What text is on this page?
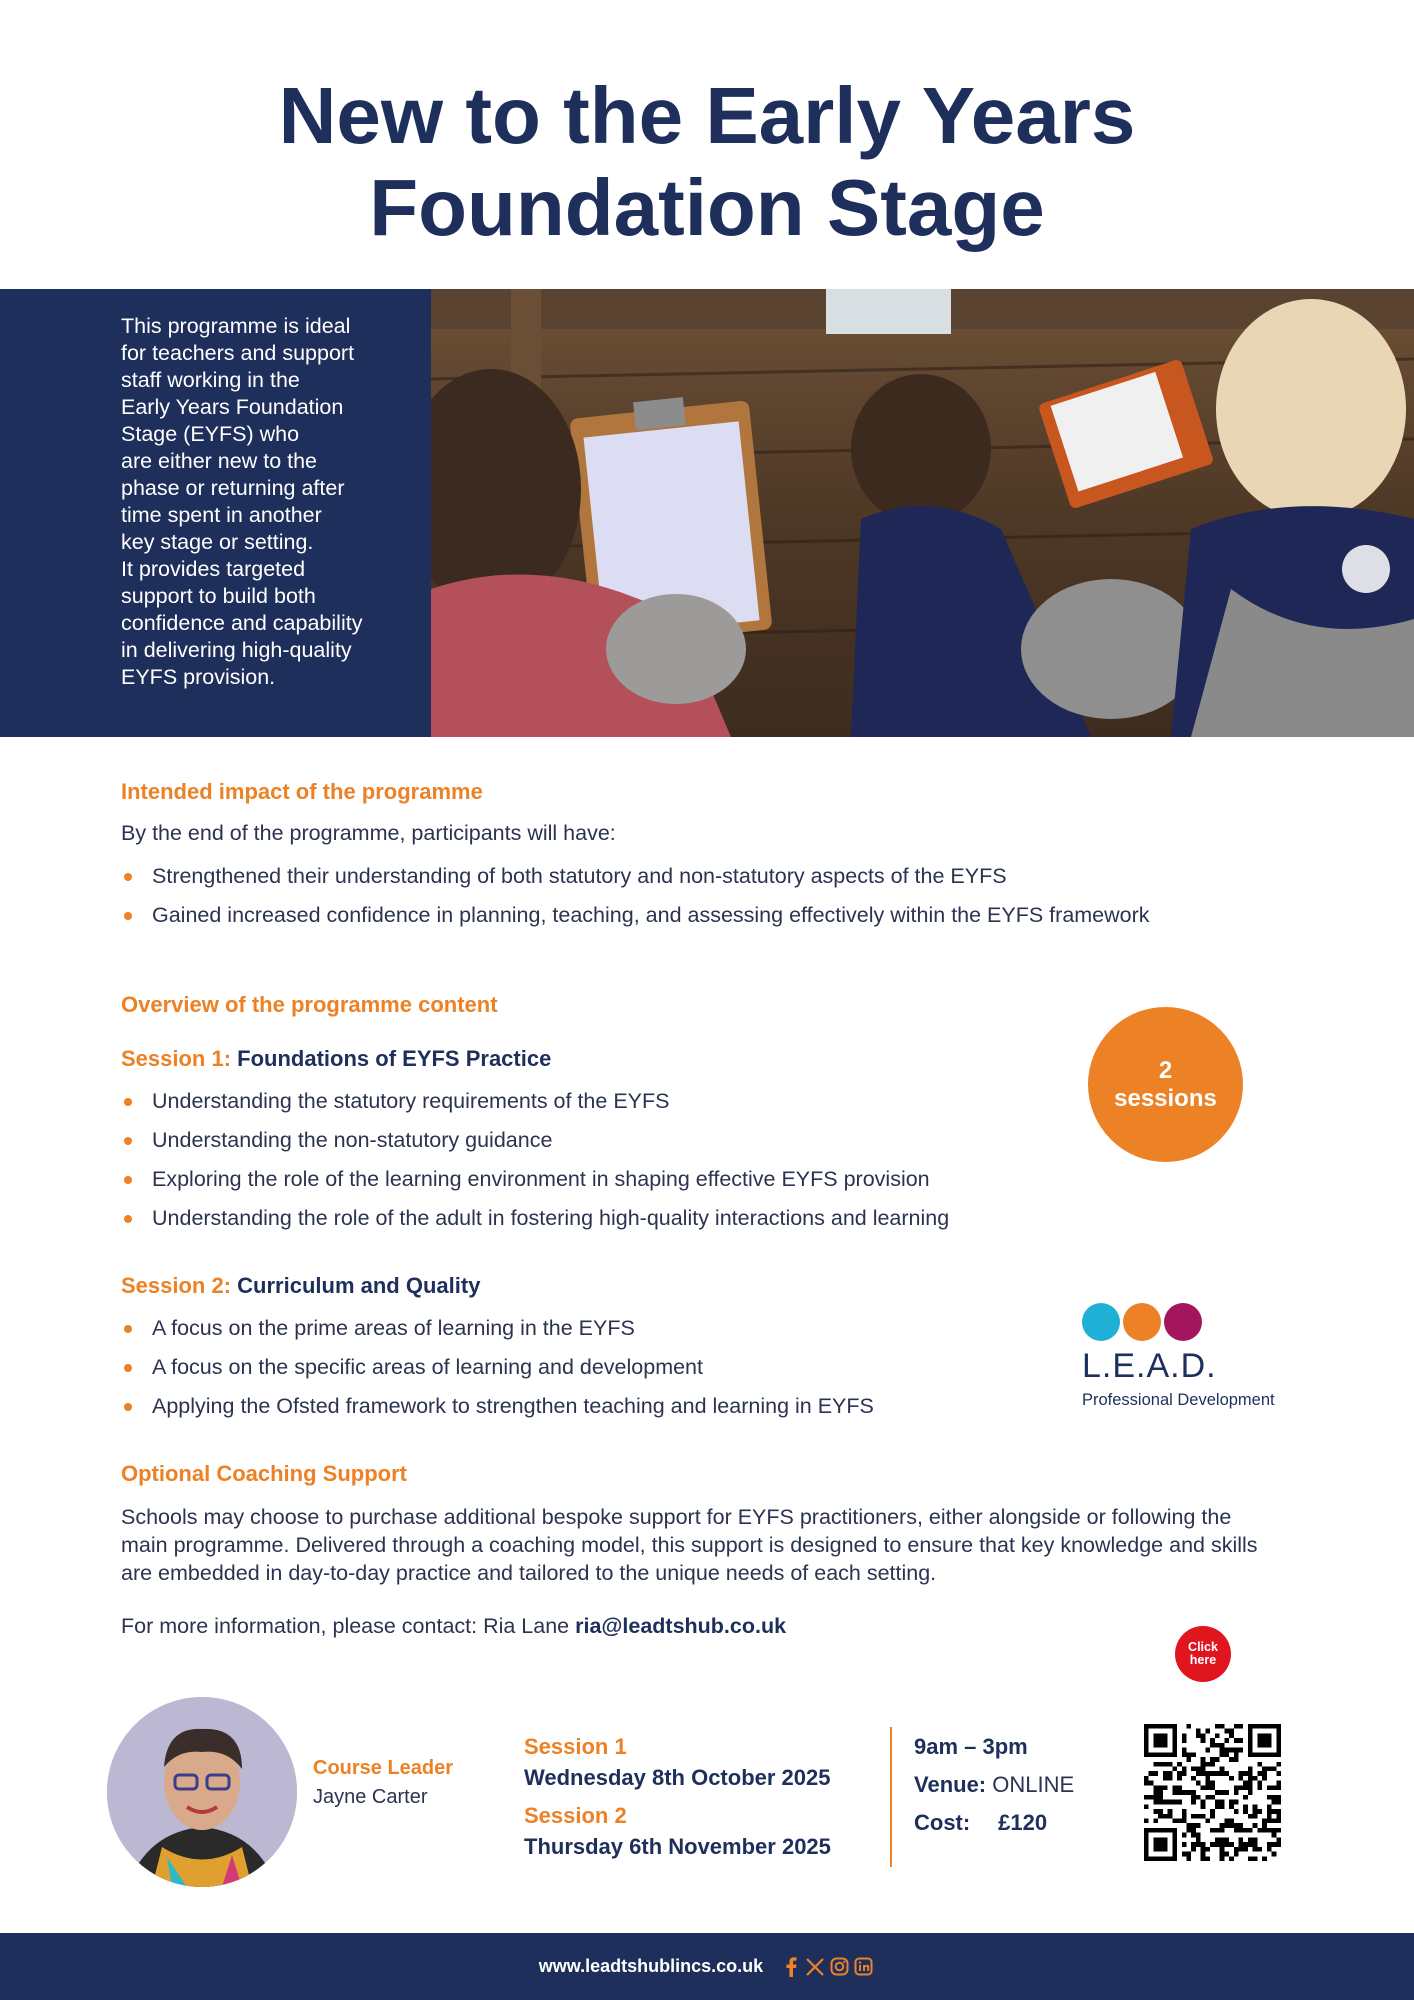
New to the Early Years
Foundation Stage

This programme is ideal
for teachers and support
staff working in the
Early Years Foundation
Stage (EYFS) who
are either new to the
phase or returning after
time spent in another
key stage or setting.
It provides targeted
support to build both
confidence and capability
in delivering high-quality
EYFS provision.

Intended impact of the programme

By the end of the programme, participants will have:

Strengthened their understanding of both statutory and non-statutory aspects of the EYFS
Gained increased confidence in planning, teaching, and assessing effectively within the EYFS framework
Overview of the programme content

Session 1: Foundations of EYFS Practice

Understanding the statutory requirements of the EYFS
Understanding the non-statutory guidance
Exploring the role of the learning environment in shaping effective EYFS provision
Understanding the role of the adult in fostering high-quality interactions and learning

Session 2: Curriculum and Quality

A focus on the prime areas of learning in the EYFS
A focus on the specific areas of learning and development
Applying the Ofsted framework to strengthen teaching and learning in EYFS
2
sessions

L.E.A.D.

Professional Development

Optional Coaching Support

Schools may choose to purchase additional bespoke support for EYFS practitioners, either alongside or following the
main programme. Delivered through a coaching model, this support is designed to ensure that key knowledge and skills
are embedded in day-to-day practice and tailored to the unique needs of each setting.

For more information, please contact: Ria Lane ria@leadtshub.co.uk

Click
here

Course Leader

Jayne Carter

Session 1

Wednesday 8th October 2025

Session 2

Thursday 6th November 2025

9am – 3pm

Venue: ONLINE

Cost: £120

www.leadtshublincs.co.uk
